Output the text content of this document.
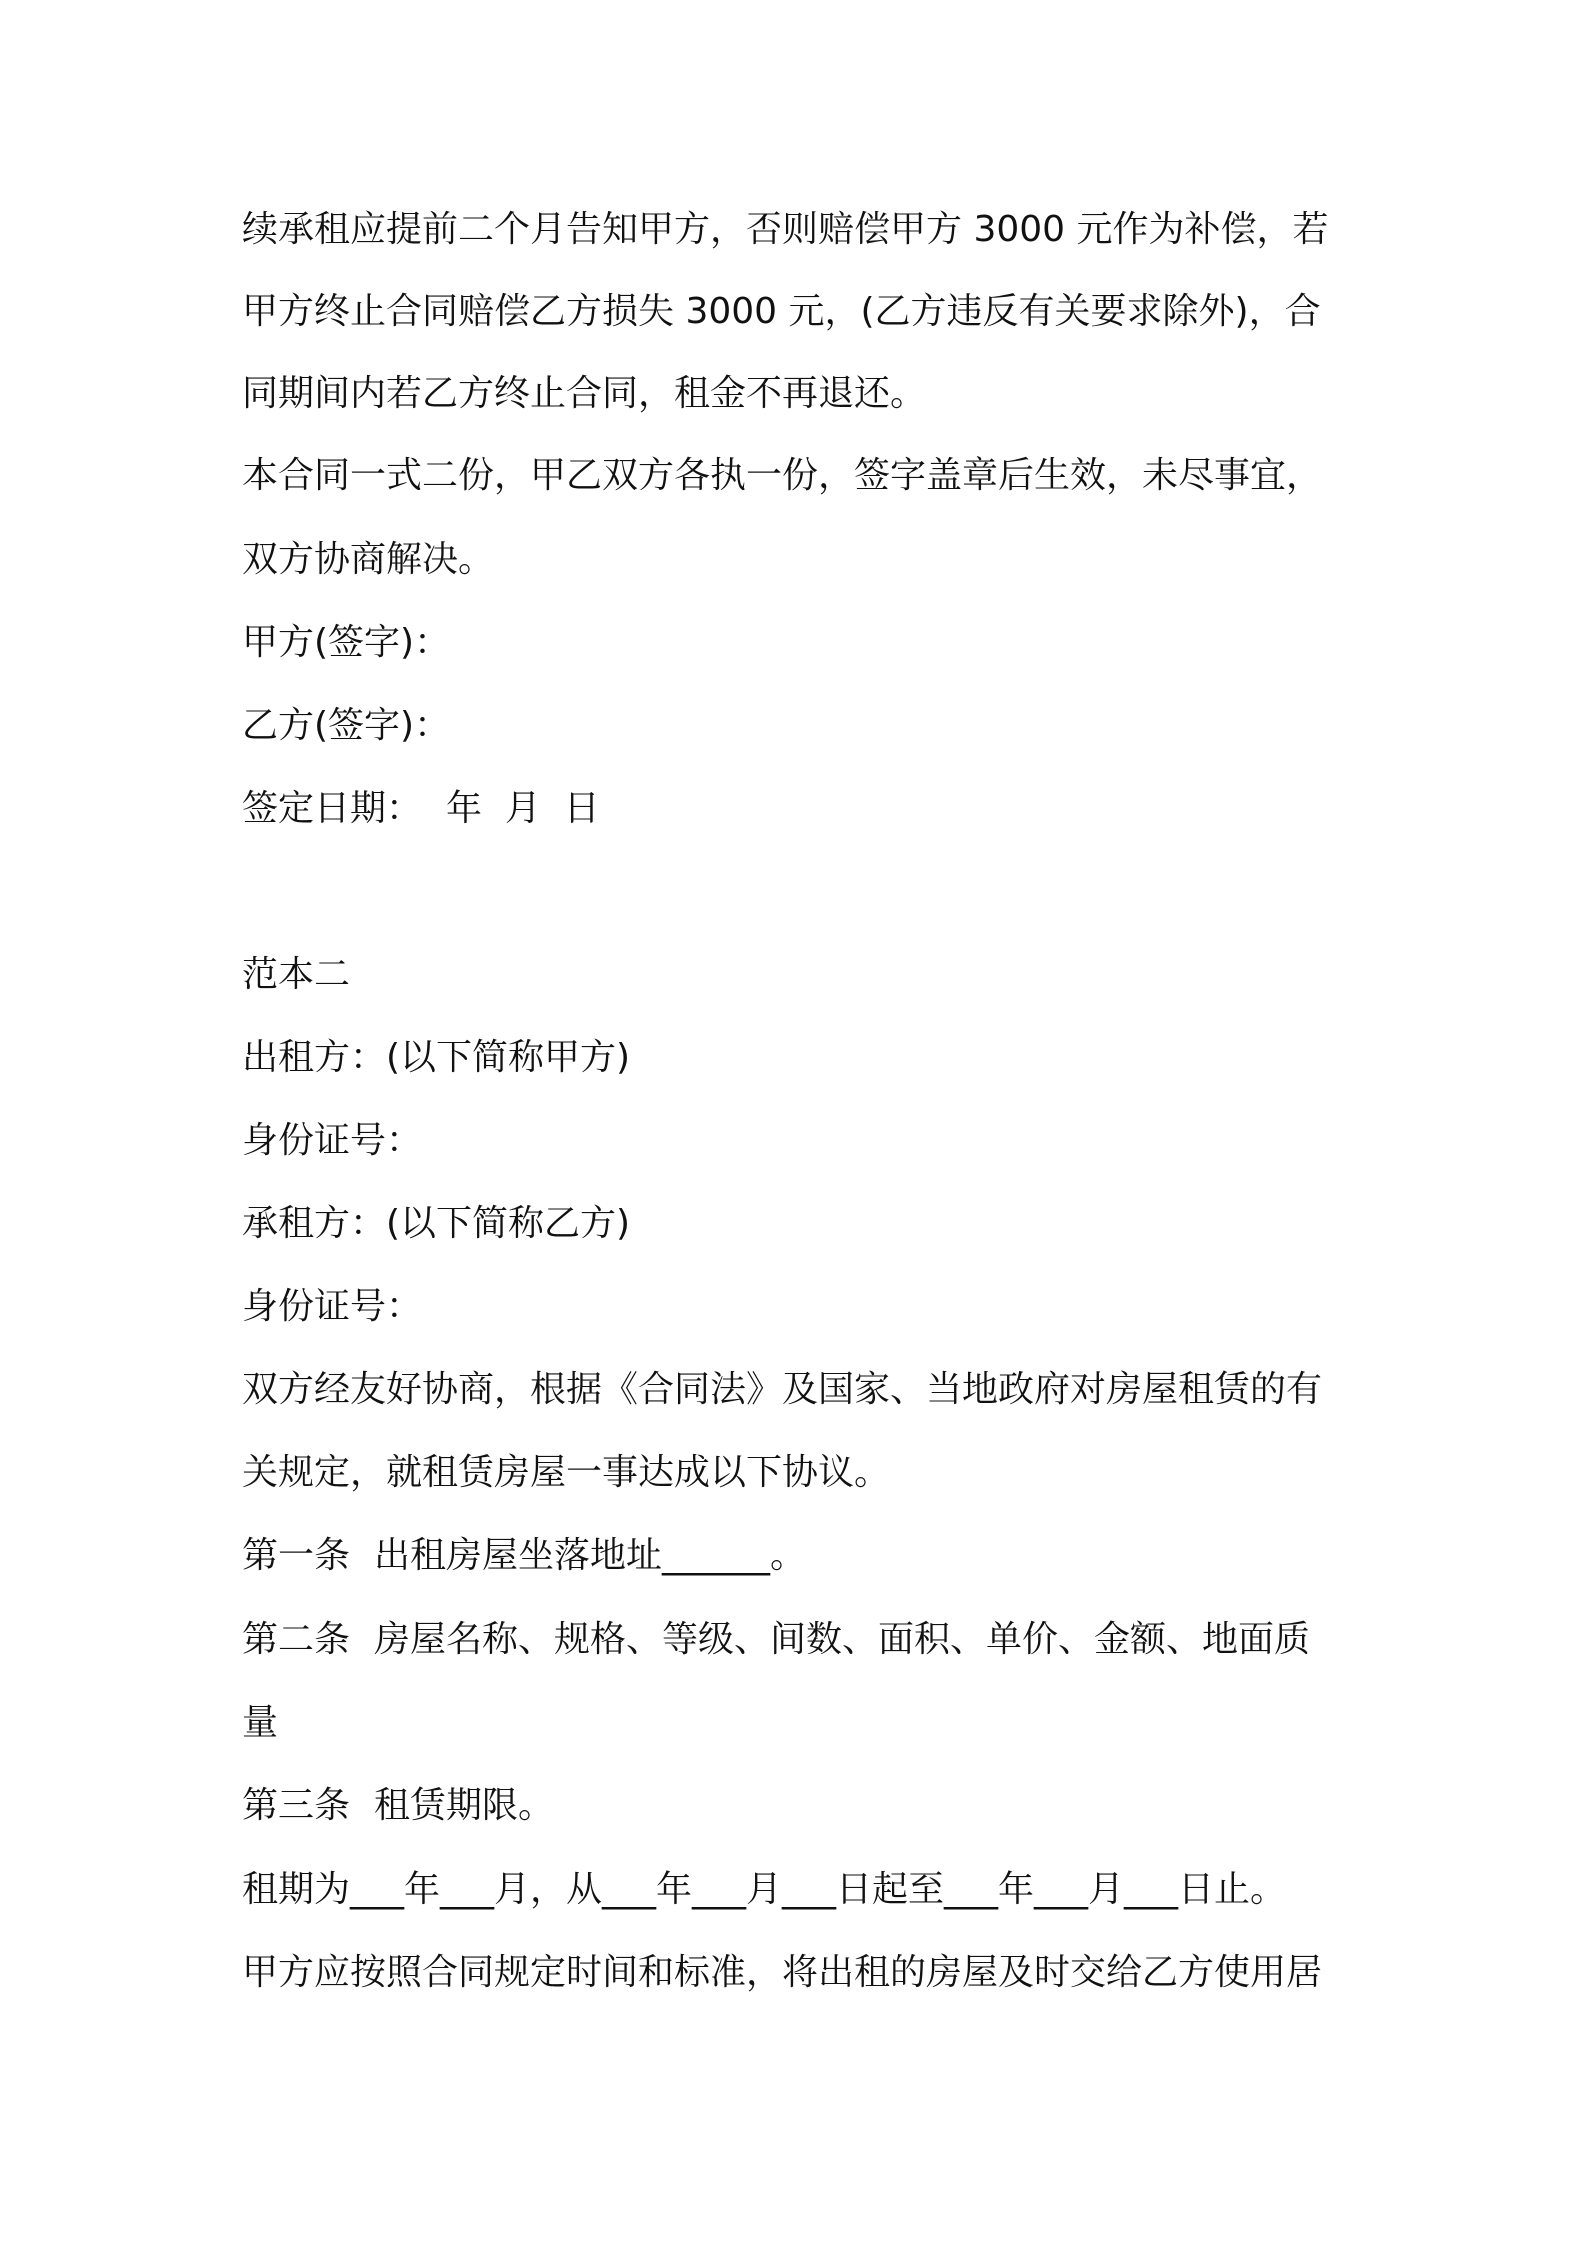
续承租应提前二个月告知甲方，否则赔偿甲方 3000 元作为补偿，若
甲方终止合同赔偿乙方损失 3000 元，(乙方违反有关要求除外)，合
同期间内若乙方终止合同，租金不再退还。
本合同一式二份，甲乙双方各执一份，签字盖章后生效，未尽事宜，
双方协商解决。
甲方(签字)：
乙方(签字)：
签定日期： 年  月  日
范本二
出租方：(以下简称甲方)
身份证号：
承租方：(以下简称乙方)
身份证号：
双方经友好协商，根据《合同法》及国家、当地政府对房屋租赁的有
关规定，就租赁房屋一事达成以下协议。
第一条 出租房屋坐落地址______。
第二条 房屋名称、规格、等级、间数、面积、单价、金额、地面质
量
第三条 租赁期限。
租期为___年___月，从___年___月___日起至___年___月___日止。
甲方应按照合同规定时间和标准，将出租的房屋及时交给乙方使用居
